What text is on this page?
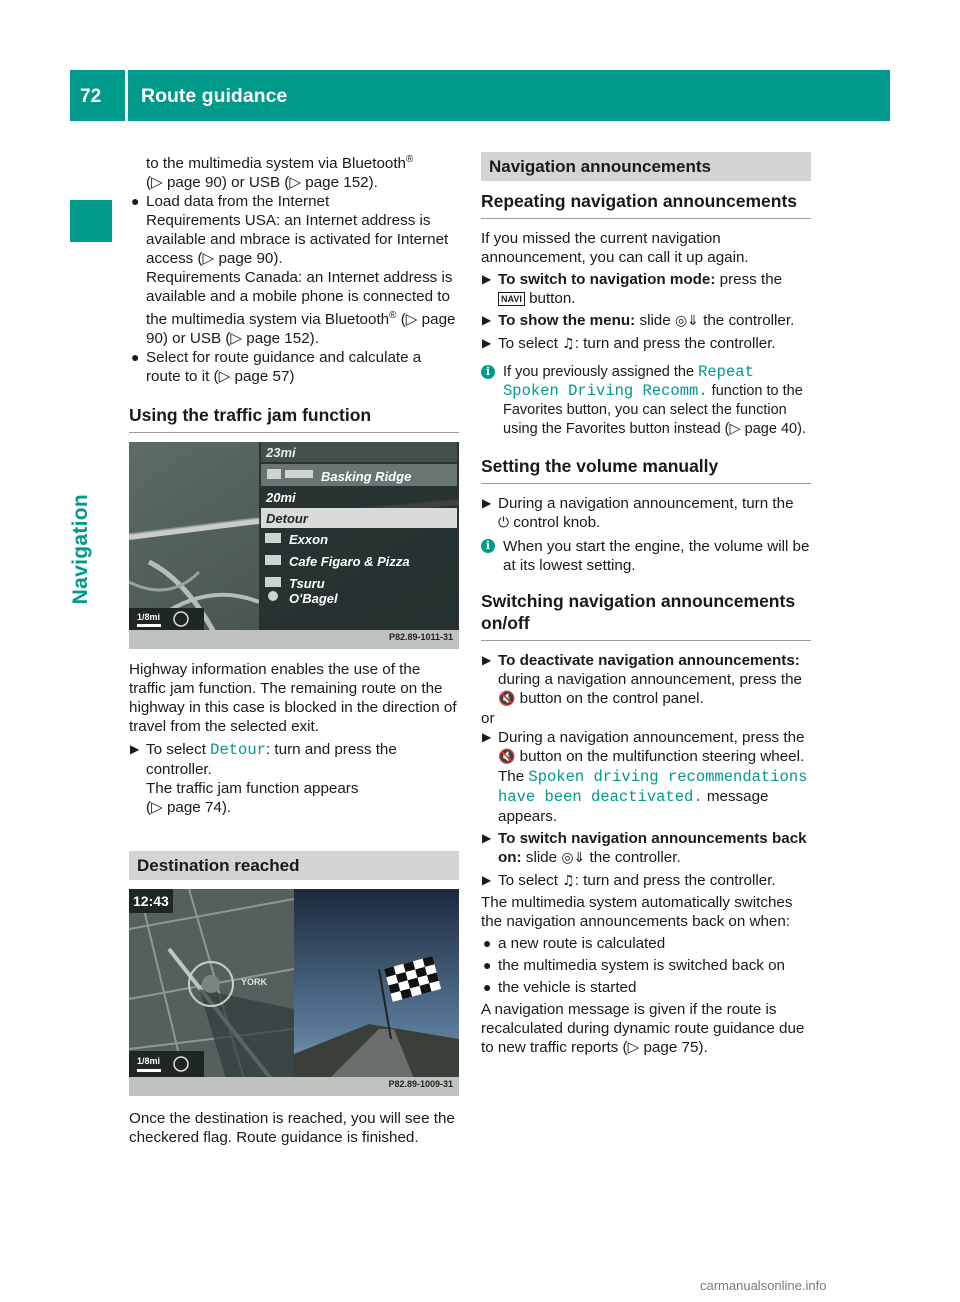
72	Route guidance
Navigation

to the multimedia system via Bluetooth®
(▷ page 90) or USB (▷ page 152).

● Load data from the Internet

Requirements USA: an Internet address is available and mbrace is activated for Internet access (▷ page 90).

Requirements Canada: an Internet address is available and a mobile phone is connected to the multimedia system via Bluetooth® (▷ page 90) or USB (▷ page 152).

● Select for route guidance and calculate a route to it (▷ page 57)

Using the traffic jam function
23mi
Basking Ridge
20mi
Detour
Exxon
Cafe Figaro & Pizza
Tsuru
O'Bagel
1/8mi
P82.89-1011-31

Highway information enables the use of the traffic jam function. The remaining route on the highway in this case is blocked in the direction of travel from the selected exit.

▶ To select Detour: turn and press the controller.

The traffic jam function appears

(▷ page 74).

Destination reached
12:43
YORK
1/8mi
P82.89-1009-31

Once the destination is reached, you will see the checkered flag. Route guidance is finished.

Navigation announcements
Repeating navigation announcements

If you missed the current navigation announcement, you can call it up again.

▶ To switch to navigation mode: press the
NAVI button.

▶ To show the menu: slide ◎⇓ the controller.

▶ To select ♫: turn and press the controller.

i If you previously assigned the Repeat Spoken Driving Recomm. function to the Favorites button, you can select the function using the Favorites button instead (▷ page 40).

Setting the volume manually
▶ During a navigation announcement, turn the
⏻ control knob.

i When you start the engine, the volume will be at its lowest setting.

Switching navigation announcements
on/off
▶ To deactivate navigation announcements: during a navigation announcement, press the 🔇 button on the control panel.

or

▶ During a navigation announcement, press the 🔇 button on the multifunction steering wheel.

The Spoken driving recommendations have been deactivated. message appears.

▶ To switch navigation announcements back on: slide ◎⇓ the controller.

▶ To select ♫: turn and press the controller.

The multimedia system automatically switches the navigation announcements back on when:

● a new route is calculated

● the multimedia system is switched back on

● the vehicle is started

A navigation message is given if the route is recalculated during dynamic route guidance due to new traffic reports (▷ page 75).

carmanualsonline.info
